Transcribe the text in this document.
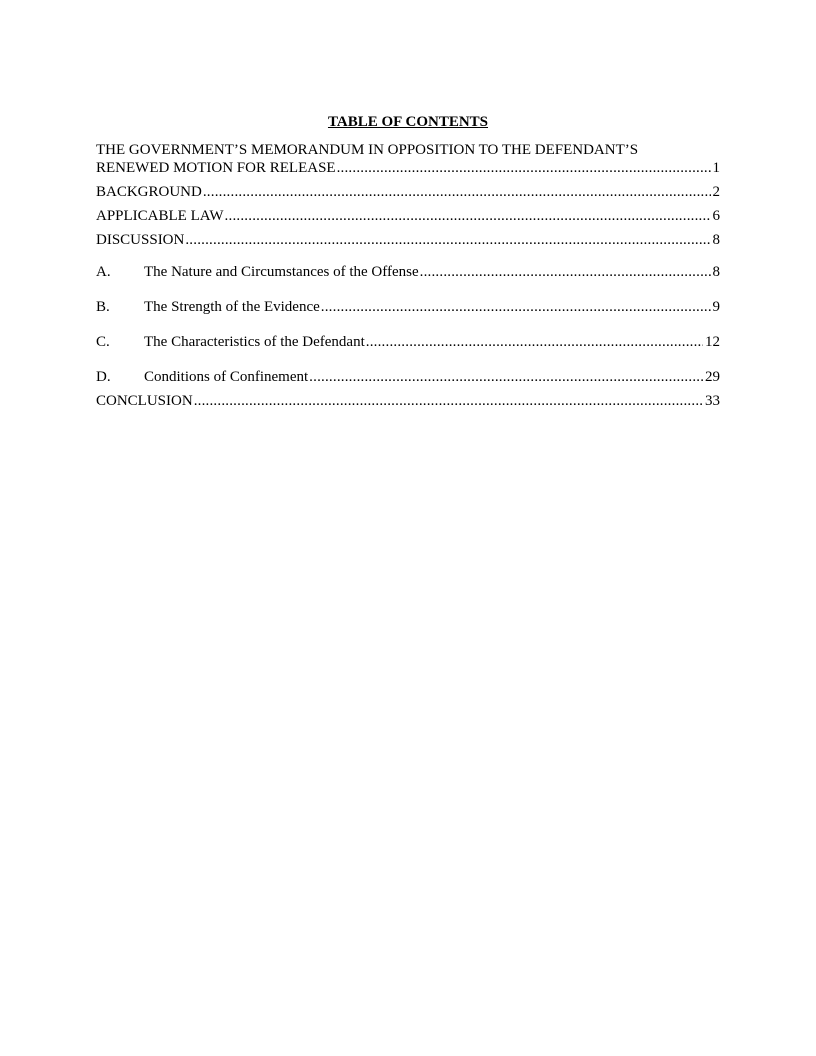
TABLE OF CONTENTS
THE GOVERNMENT’S MEMORANDUM IN OPPOSITION TO THE DEFENDANT’S
RENEWED MOTION FOR RELEASE .....	1
BACKGROUND .....	2
APPLICABLE LAW .....	6
DISCUSSION .....	8
A.	The Nature and Circumstances of the Offense .....	8
B.	The Strength of the Evidence .....	9
C.	The Characteristics of the Defendant .....	12
D.	Conditions of Confinement .....	29
CONCLUSION .....	33
